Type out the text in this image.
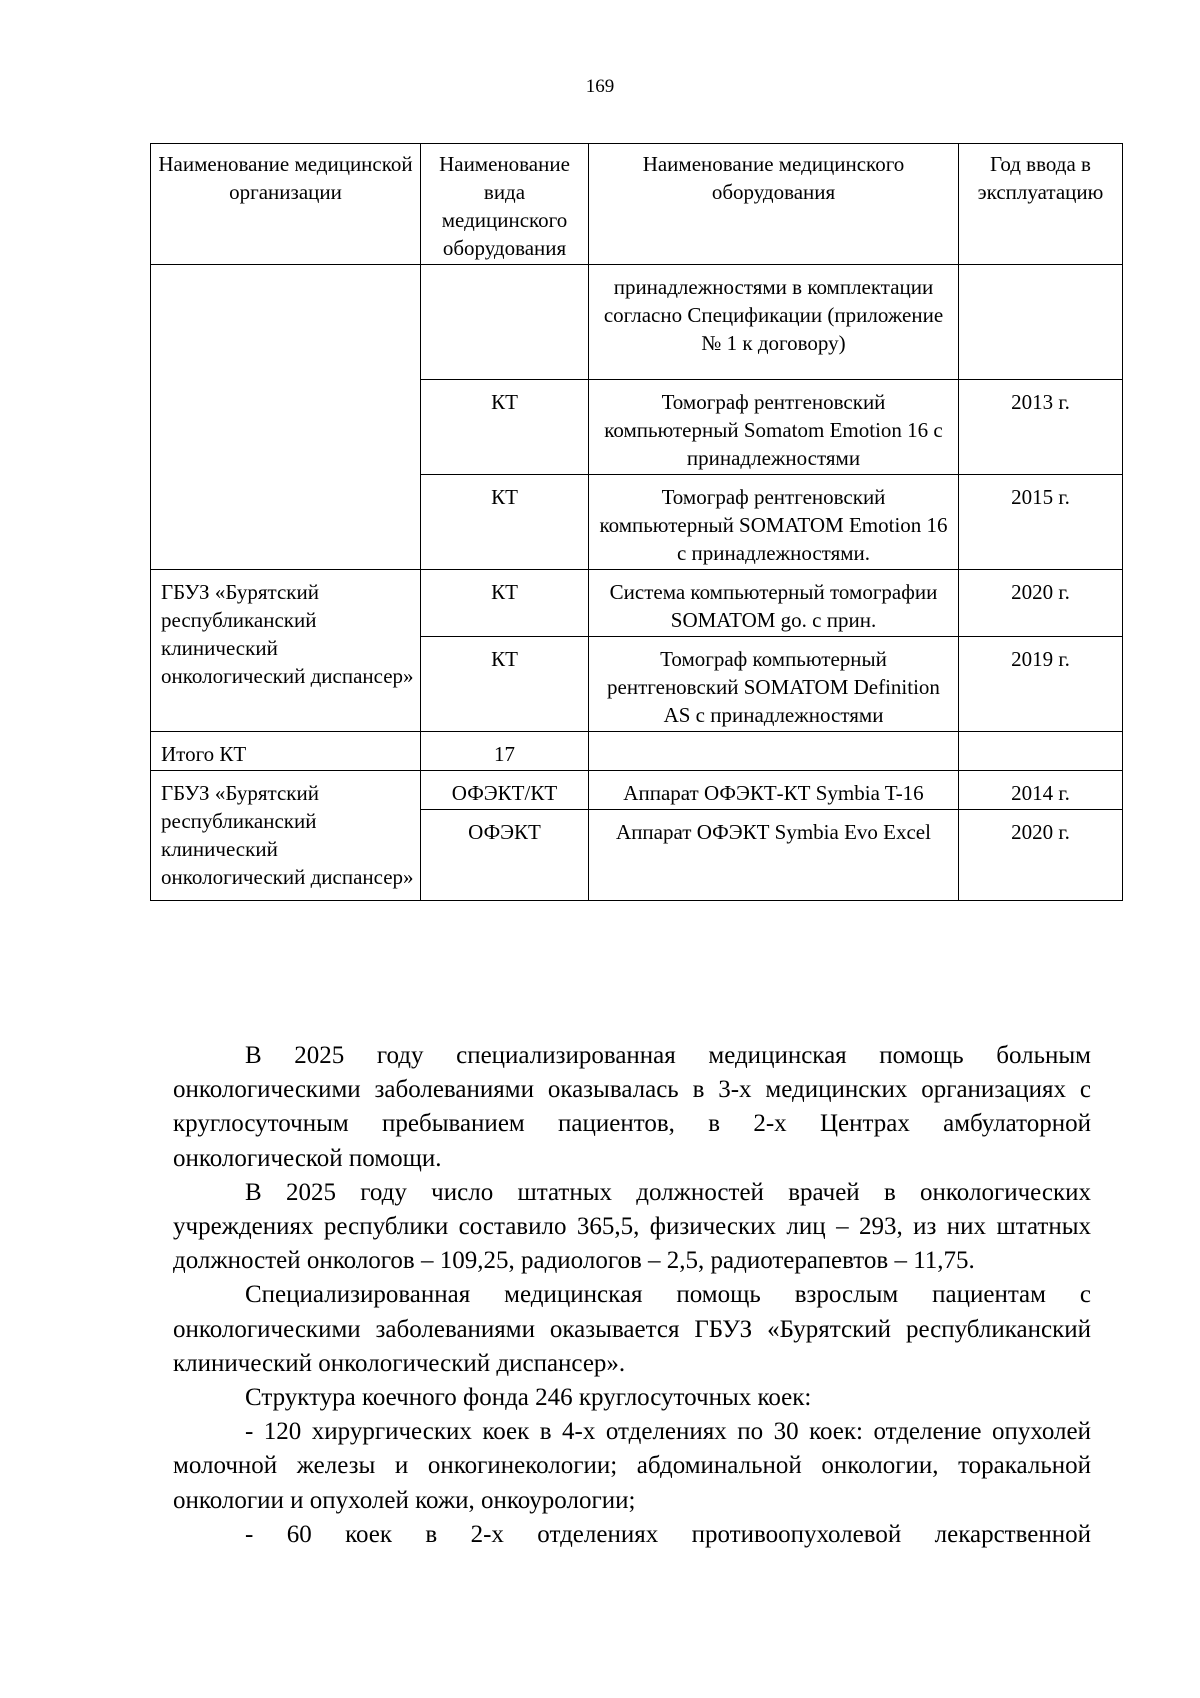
169
Наименование медицинской организации	Наименование вида медицинского оборудования	Наименование медицинского оборудования	Год ввода в эксплуатацию
		принадлежностями в комплектации согласно Спецификации (приложение № 1 к договору)	
	КТ	Томограф рентгеновский компьютерный Somatom Emotion 16 с принадлежностями	2013 г.
	КТ	Томограф рентгеновский компьютерный SOMATOM Emotion 16 с принадлежностями.	2015 г.
ГБУЗ «Бурятский республиканский клинический онкологический диспансер»	КТ	Система компьютерный томографии SOMATOM go. с прин.	2020 г.
	КТ	Томограф компьютерный рентгеновский SOMATOM Definition AS с принадлежностями	2019 г.
Итого КТ	17		
ГБУЗ «Бурятский республиканский клинический онкологический диспансер»	ОФЭКТ/КТ	Аппарат ОФЭКТ-КТ Symbia T-16	2014 г.
	ОФЭКТ	Аппарат ОФЭКТ Symbia Evo Excel	2020 г.

В 2025 году специализированная медицинская помощь больным онкологическими заболеваниями оказывалась в 3-х медицинских организациях с круглосуточным пребыванием пациентов, в 2-х Центрах амбулаторной онкологической помощи.

В 2025 году число штатных должностей врачей в онкологических учреждениях республики составило 365,5, физических лиц – 293, из них штатных должностей онкологов – 109,25, радиологов – 2,5, радиотерапевтов – 11,75.

Специализированная медицинская помощь взрослым пациентам с онкологическими заболеваниями оказывается ГБУЗ «Бурятский республиканский клинический онкологический диспансер».

Структура коечного фонда 246 круглосуточных коек:

- 120 хирургических коек в 4-х отделениях по 30 коек: отделение опухолей молочной железы и онкогинекологии; абдоминальной онкологии, торакальной онкологии и опухолей кожи, онкоурологии;

- 60 коек в 2-х отделениях противоопухолевой лекарственной
